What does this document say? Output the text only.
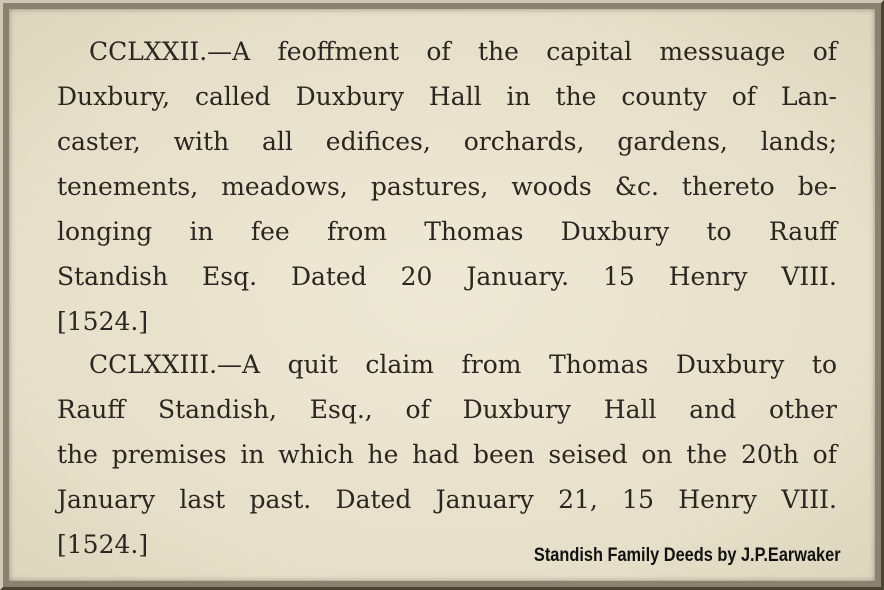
CCLXXII.—A feoffment of the capital messuage of
Duxbury, called Duxbury Hall in the county of Lan-
caster, with all edifices, orchards, gardens, lands;
tenements, meadows, pastures, woods &c. thereto be-
longing in fee from Thomas Duxbury to Rauff
Standish Esq. Dated 20 January. 15 Henry VIII.
[1524.]
CCLXXIII.—A quit claim from Thomas Duxbury to
Rauff Standish, Esq., of Duxbury Hall and other
the premises in which he had been seised on the 20th of
January last past. Dated January 21, 15 Henry VIII.
[1524.]	Standish Family Deeds by J.P.Earwaker
